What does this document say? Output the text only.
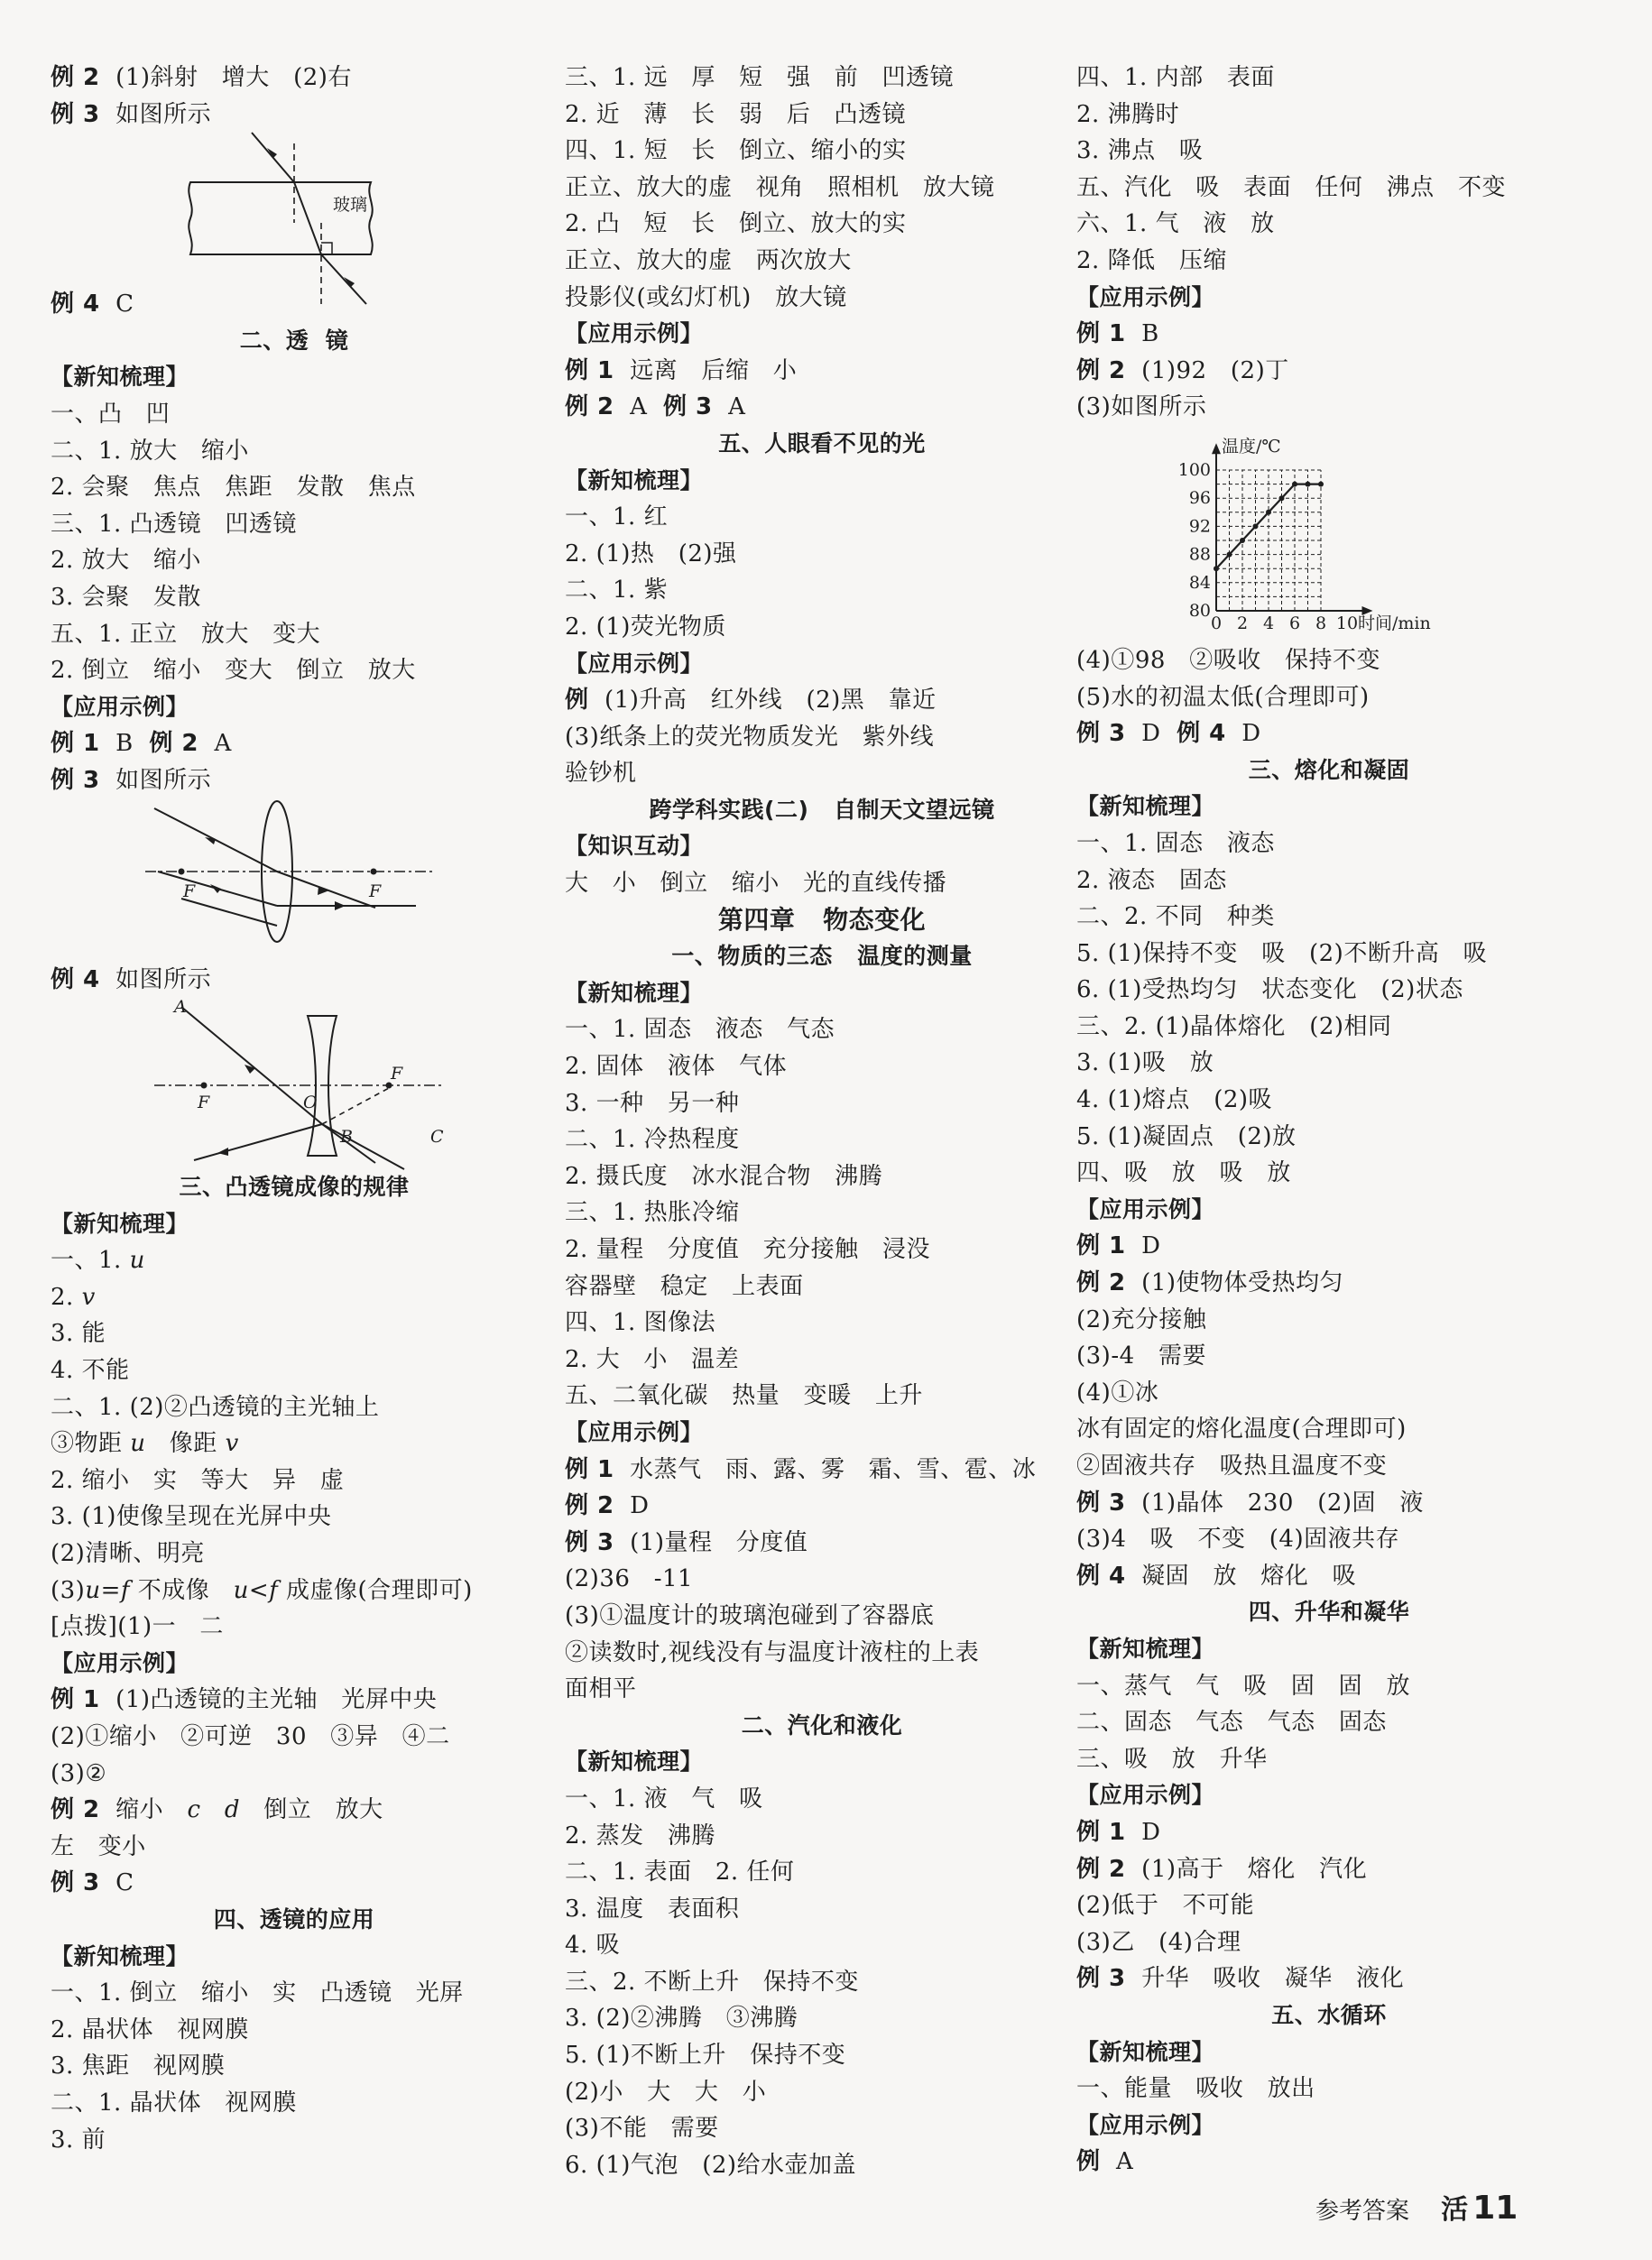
例 2  (1)斜射   增大   (2)右
例 3  如图所示
玻璃
例 4  C
二、透  镜
【新知梳理】
一、凸   凹
二、1. 放大   缩小
2. 会聚   焦点   焦距   发散   焦点
三、1. 凸透镜   凹透镜
2. 放大   缩小
3. 会聚   发散
五、1. 正立   放大   变大
2. 倒立   缩小   变大   倒立   放大
【应用示例】
例 1  B  例 2  A
例 3  如图所示
F	F
例 4  如图所示
A
F	O
F
B	C
三、凸透镜成像的规律
【新知梳理】
一、1. u
2. v
3. 能
4. 不能
二、1. (2)②凸透镜的主光轴上
③物距 u   像距 v
2. 缩小   实   等大   异   虚
3. (1)使像呈现在光屏中央
(2)清晰、明亮
(3)u=f 不成像   u<f 成虚像(合理即可)
[点拨](1)一   二
【应用示例】
例 1  (1)凸透镜的主光轴   光屏中央
(2)①缩小   ②可逆   30   ③异   ④二
(3)②
例 2  缩小   c d   倒立   放大
左   变小
例 3  C
四、透镜的应用
【新知梳理】
一、1. 倒立   缩小   实   凸透镜   光屏
2. 晶状体   视网膜
3. 焦距   视网膜
二、1. 晶状体   视网膜
3. 前
三、1. 远   厚   短   强   前   凹透镜
2. 近   薄   长   弱   后   凸透镜
四、1. 短   长   倒立、缩小的实
正立、放大的虚   视角   照相机   放大镜
2. 凸   短   长   倒立、放大的实
正立、放大的虚   两次放大
投影仪(或幻灯机)   放大镜
【应用示例】
例 1  远离   后缩   小
例 2  A  例 3  A
五、人眼看不见的光
【新知梳理】
一、1. 红
2. (1)热   (2)强
二、1. 紫
2. (1)荧光物质
【应用示例】
例  (1)升高   红外线   (2)黑   靠近
(3)纸条上的荧光物质发光   紫外线
验钞机
跨学科实践(二)   自制天文望远镜
【知识互动】
大   小   倒立   缩小   光的直线传播
第四章   物态变化
一、物质的三态   温度的测量
【新知梳理】
一、1. 固态   液态   气态
2. 固体   液体   气体
3. 一种   另一种
二、1. 冷热程度
2. 摄氏度   冰水混合物   沸腾
三、1. 热胀冷缩
2. 量程   分度值   充分接触   浸没
容器壁   稳定   上表面
四、1. 图像法
2. 大   小   温差
五、二氧化碳   热量   变暖   上升
【应用示例】
例 1  水蒸气   雨、露、雾   霜、雪、雹、冰
例 2  D
例 3  (1)量程   分度值
(2)36   -11
(3)①温度计的玻璃泡碰到了容器底
②读数时,视线没有与温度计液柱的上表
面相平
二、汽化和液化
【新知梳理】
一、1. 液   气   吸
2. 蒸发   沸腾
二、1. 表面   2. 任何
3. 温度   表面积
4. 吸
三、2. 不断上升   保持不变
3. (2)②沸腾   ③沸腾
5. (1)不断上升   保持不变
(2)小   大   大   小
(3)不能   需要
6. (1)气泡   (2)给水壶加盖
四、1. 内部   表面
2. 沸腾时
3. 沸点   吸
五、汽化   吸   表面   任何   沸点   不变
六、1. 气   液   放
2. 降低   压缩
【应用示例】
例 1  B
例 2  (1)92   (2)丁
(3)如图所示
80
84
88
92
96
100
0 2 4 6 8 10
温度/℃
时间/min
(4)①98   ②吸收   保持不变
(5)水的初温太低(合理即可)
例 3  D  例 4  D
三、熔化和凝固
【新知梳理】
一、1. 固态   液态
2. 液态   固态
二、2. 不同   种类
5. (1)保持不变   吸   (2)不断升高   吸
6. (1)受热均匀   状态变化   (2)状态
三、2. (1)晶体熔化   (2)相同
3. (1)吸   放
4. (1)熔点   (2)吸
5. (1)凝固点   (2)放
四、吸   放   吸   放
【应用示例】
例 1  D
例 2  (1)使物体受热均匀
(2)充分接触
(3)-4   需要
(4)①冰
冰有固定的熔化温度(合理即可)
②固液共存   吸热且温度不变
例 3  (1)晶体   230   (2)固   液
(3)4   吸   不变   (4)固液共存
例 4  凝固   放   熔化   吸
四、升华和凝华
【新知梳理】
一、蒸气   气   吸   固   固   放
二、固态   气态   气态   固态
三、吸   放   升华
【应用示例】
例 1  D
例 2  (1)高于   熔化   汽化
(2)低于   不可能
(3)乙   (4)合理
例 3  升华   吸收   凝华   液化
五、水循环
【新知梳理】
一、能量   吸收   放出
【应用示例】
例  A
参考答案 活 11
